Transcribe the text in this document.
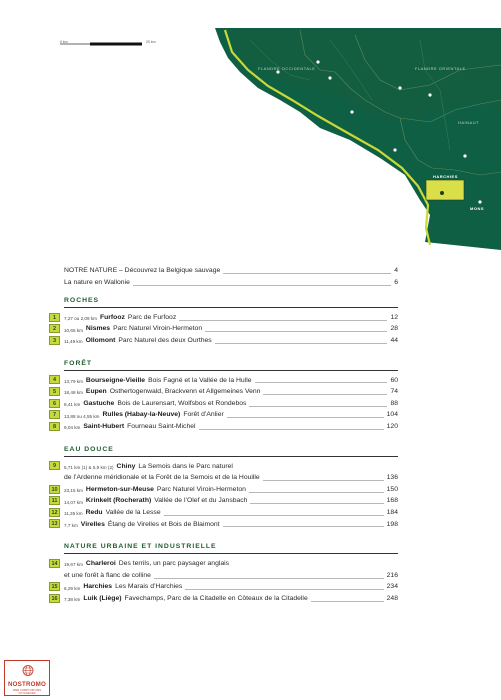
FLANDRE OCCIDENTALE	FLANDRE ORIENTALE
HAINAUT
FRANCE
HARCHIES
MONS
0 km	20 km
NOTRE NATURE – Découvrez la Belgique sauvage	4
La nature en Wallonie	6
ROCHES
1	7,27 ou 2,09 km Furfooz Parc de Furfooz	12
2	10,65 km Nismes Parc Naturel Viroin-Hermeton	28
3	11,49 km Ollomont Parc Naturel des deux Ourthes	44
FORÊT
4	13,79 km Bourseigne-Vieille Bois Fagné et la Vallée de la Hulle	60
5	18,48 km Eupen Osthertogenwald, Brackvenn et Allgemeines Venn	74
6	8,41 km Gastuche Bois de Laurensart, Wolfsbos et Rondebos	88
7	13,88 ou 4,55 km Rulles (Habay-la-Neuve) Forêt d’Anlier	104
8	9,04 km Saint-Hubert Fourneau Saint-Michel	120
EAU DOUCE
9	5,71 km (1) & 5,9 km (2) Chiny La Semois dans le Parc naturel
de l’Ardenne méridionale et la Forêt de la Semois et de la Houille	136
10	23,15 km Hermeton-sur-Meuse Parc Naturel Viroin-Hermeton	150
11	14,07 km Krinkelt (Rocherath) Vallée de l’Olef et du Jansbach	168
12	11,35 km Redu Vallée de la Lesse	184
13	7,7 km Virelles Étang de Virelles et Bois de Blaimont	198
NATURE URBAINE ET INDUSTRIELLE
14	19,67 km Charleroi Des terrils, un parc paysager anglais
et une forêt à flanc de colline	216
15	6,29 km Harchies Les Marais d’Harchies	234
16	7,38 km Luik (Liège) Favechamps, Parc de la Citadelle en Côteaux de la Citadelle	248
NOSTROMO
WEB COMPTOIR DES VOYAGEURS
